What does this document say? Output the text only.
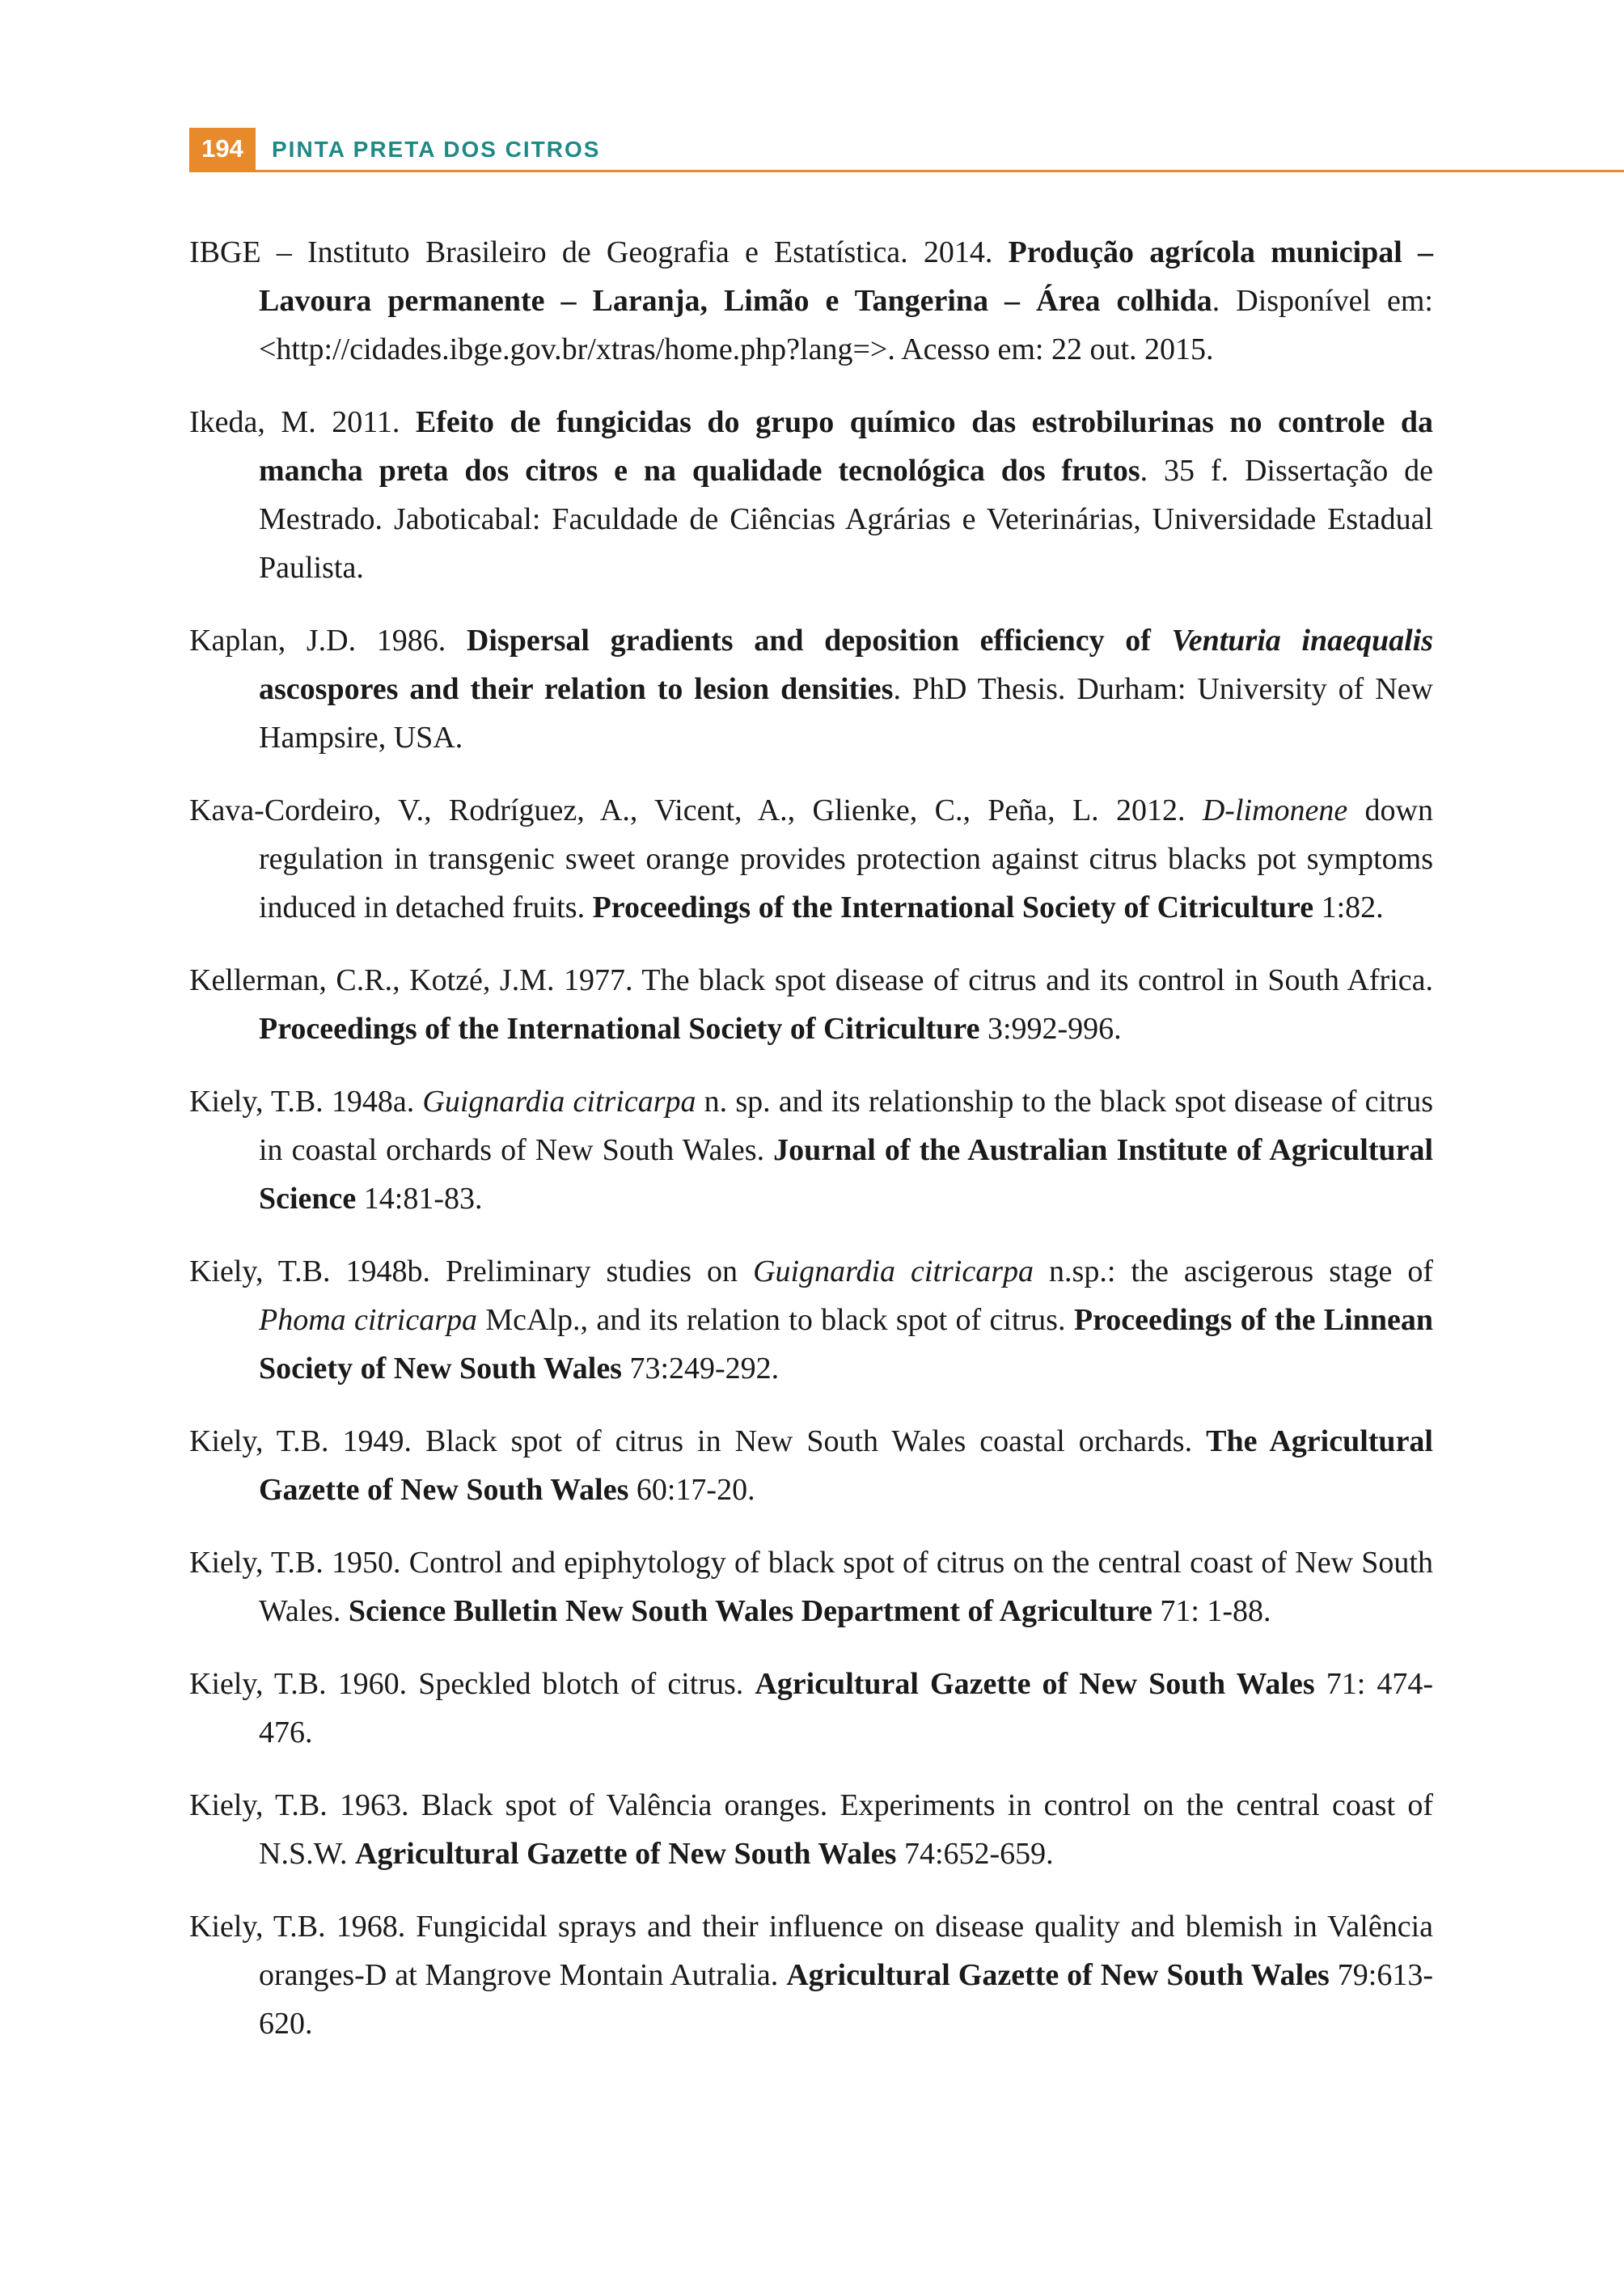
194	PINTA PRETA DOS CITROS

IBGE – Instituto Brasileiro de Geografia e Estatística. 2014. Produção agrícola municipal – Lavoura permanente – Laranja, Limão e Tangerina – Área colhida. Disponível em: <http://cidades.ibge.gov.br/xtras/home.php?lang=>. Acesso em: 22 out. 2015.

Ikeda, M. 2011. Efeito de fungicidas do grupo químico das estrobilurinas no controle da mancha preta dos citros e na qualidade tecnológica dos frutos. 35 f. Dissertação de Mestrado. Jaboticabal: Faculdade de Ciências Agrárias e Veterinárias, Universidade Estadual Paulista.

Kaplan, J.D. 1986. Dispersal gradients and deposition efficiency of Venturia inaequalis ascospores and their relation to lesion densities. PhD Thesis. Durham: University of New Hampsire, USA.

Kava-Cordeiro, V., Rodríguez, A., Vicent, A., Glienke, C., Peña, L. 2012. D-limonene down regulation in transgenic sweet orange provides protection against citrus blacks pot symptoms induced in detached fruits. Proceedings of the International Society of Citriculture 1:82.

Kellerman, C.R., Kotzé, J.M. 1977. The black spot disease of citrus and its control in South Africa. Proceedings of the International Society of Citriculture 3:992-996.

Kiely, T.B. 1948a. Guignardia citricarpa n. sp. and its relationship to the black spot disease of citrus in coastal orchards of New South Wales. Journal of the Australian Institute of Agricultural Science 14:81-83.

Kiely, T.B. 1948b. Preliminary studies on Guignardia citricarpa n.sp.: the ascigerous stage of Phoma citricarpa McAlp., and its relation to black spot of citrus. Proceedings of the Linnean Society of New South Wales 73:249-292.

Kiely, T.B. 1949. Black spot of citrus in New South Wales coastal orchards. The Agricultural Gazette of New South Wales 60:17-20.

Kiely, T.B. 1950. Control and epiphytology of black spot of citrus on the central coast of New South Wales. Science Bulletin New South Wales Department of Agriculture 71: 1-88.

Kiely, T.B. 1960. Speckled blotch of citrus. Agricultural Gazette of New South Wales 71: 474-476.

Kiely, T.B. 1963. Black spot of Valência oranges. Experiments in control on the central coast of N.S.W. Agricultural Gazette of New South Wales 74:652-659.

Kiely, T.B. 1968. Fungicidal sprays and their influence on disease quality and blemish in Valência oranges-D at Mangrove Montain Autralia. Agricultural Gazette of New South Wales 79:613-620.
